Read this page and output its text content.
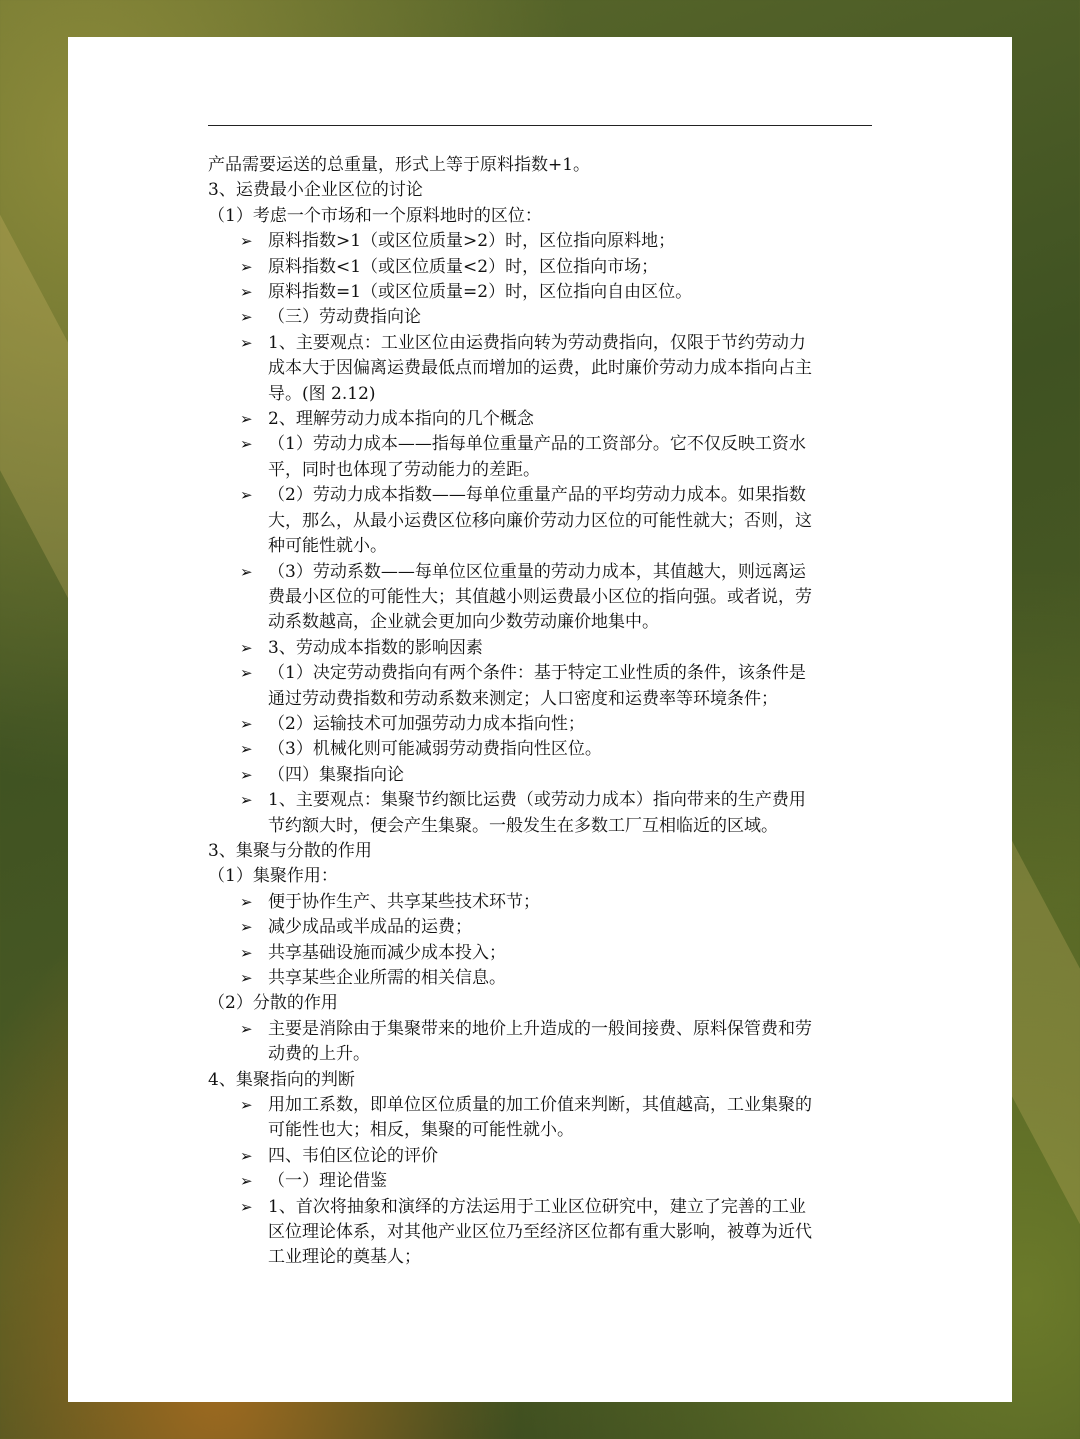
产品需要运送的总重量，形式上等于原料指数+1。
3、运费最小企业区位的讨论
（1）考虑一个市场和一个原料地时的区位：
➢ 原料指数>1（或区位质量>2）时，区位指向原料地；
➢ 原料指数<1（或区位质量<2）时，区位指向市场；
➢ 原料指数=1（或区位质量=2）时，区位指向自由区位。
➢ （三）劳动费指向论
➢ 1、主要观点：工业区位由运费指向转为劳动费指向，仅限于节约劳动力
成本大于因偏离运费最低点而增加的运费，此时廉价劳动力成本指向占主
导。(图 2.12)
➢ 2、理解劳动力成本指向的几个概念
➢ （1）劳动力成本——指每单位重量产品的工资部分。它不仅反映工资水
平，同时也体现了劳动能力的差距。
➢ （2）劳动力成本指数——每单位重量产品的平均劳动力成本。如果指数
大，那么，从最小运费区位移向廉价劳动力区位的可能性就大；否则，这
种可能性就小。
➢ （3）劳动系数——每单位区位重量的劳动力成本，其值越大，则远离运
费最小区位的可能性大；其值越小则运费最小区位的指向强。或者说，劳
动系数越高，企业就会更加向少数劳动廉价地集中。
➢ 3、劳动成本指数的影响因素
➢ （1）决定劳动费指向有两个条件：基于特定工业性质的条件，该条件是
通过劳动费指数和劳动系数来测定；人口密度和运费率等环境条件；
➢ （2）运输技术可加强劳动力成本指向性；
➢ （3）机械化则可能减弱劳动费指向性区位。
➢ （四）集聚指向论
➢ 1、主要观点：集聚节约额比运费（或劳动力成本）指向带来的生产费用
节约额大时，便会产生集聚。一般发生在多数工厂互相临近的区域。
3、集聚与分散的作用
（1）集聚作用：
➢ 便于协作生产、共享某些技术环节；
➢ 减少成品或半成品的运费；
➢ 共享基础设施而减少成本投入；
➢ 共享某些企业所需的相关信息。
（2）分散的作用
➢ 主要是消除由于集聚带来的地价上升造成的一般间接费、原料保管费和劳
动费的上升。
4、集聚指向的判断
➢ 用加工系数，即单位区位质量的加工价值来判断，其值越高，工业集聚的
可能性也大；相反，集聚的可能性就小。
➢ 四、韦伯区位论的评价
➢ （一）理论借鉴
➢ 1、首次将抽象和演绎的方法运用于工业区位研究中，建立了完善的工业
区位理论体系，对其他产业区位乃至经济区位都有重大影响，被尊为近代
工业理论的奠基人；
